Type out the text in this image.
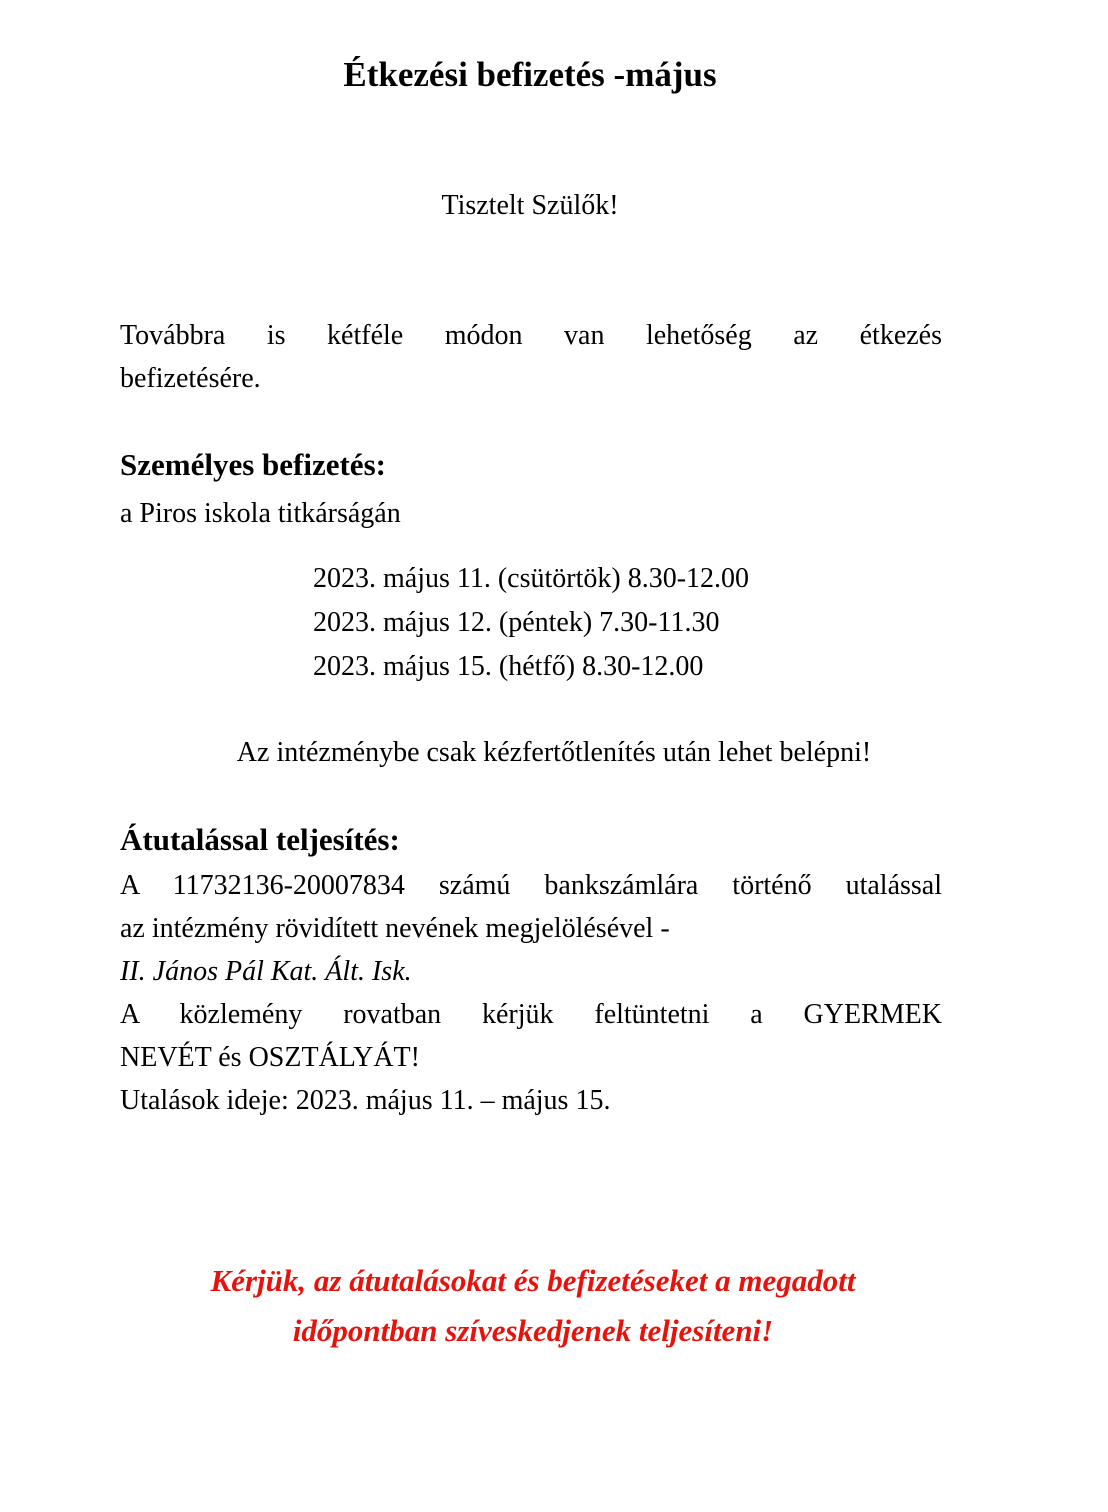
Étkezési befizetés -május

Tisztelt Szülők!

Továbbra is kétféle módon van lehetőség az étkezés
befizetésére.

Személyes befizetés:

a Piros iskola titkárságán

2023. május 11. (csütörtök) 8.30-12.00
2023. május 12. (péntek) 7.30-11.30
2023. május 15. (hétfő) 8.30-12.00

Az intézménybe csak kézfertőtlenítés után lehet belépni!

Átutalással teljesítés:

A 11732136-20007834 számú bankszámlára történő utalással
az intézmény rövidített nevének megjelölésével -
II. János Pál Kat. Ált. Isk.
A közlemény rovatban kérjük feltüntetni a GYERMEK
NEVÉT és OSZTÁLYÁT!
Utalások ideje: 2023. május 11. – május 15.

Kérjük, az átutalásokat és befizetéseket a megadott
időpontban szíveskedjenek teljesíteni!
